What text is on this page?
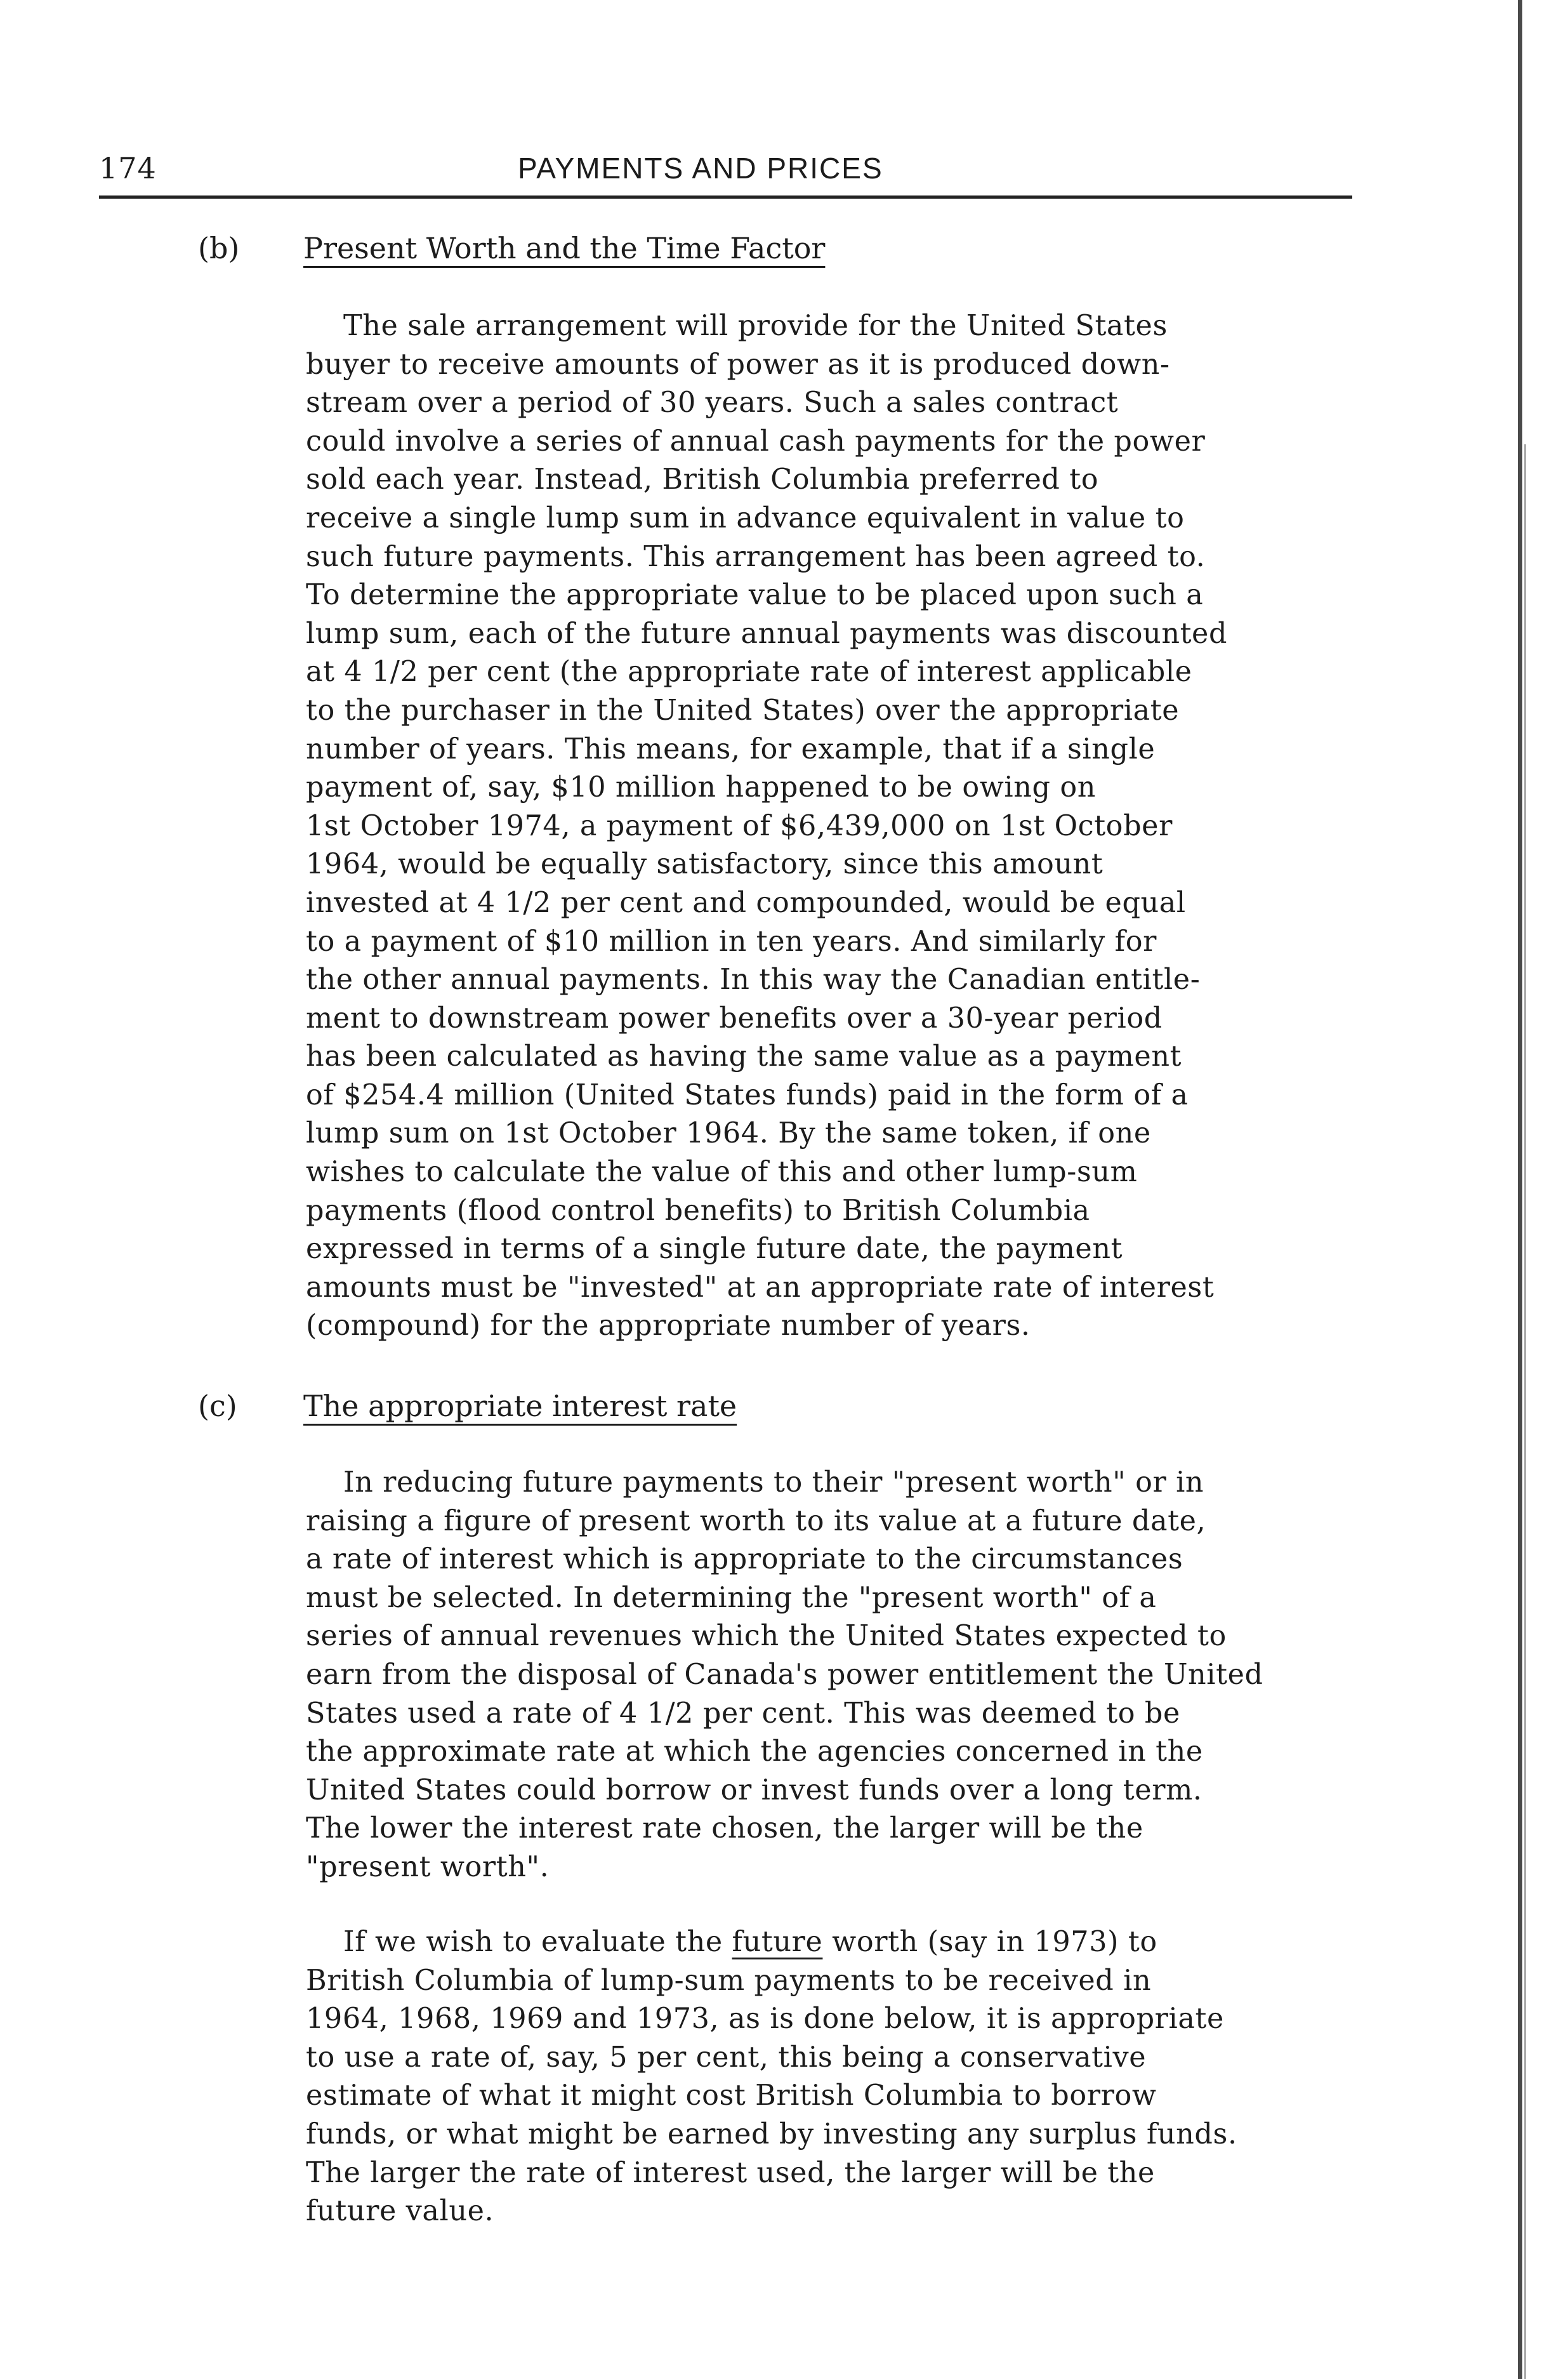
174	PAYMENTS AND PRICES
(b) Present Worth and the Time Factor
The sale arrangement will provide for the United States
buyer to receive amounts of power as it is produced down-
stream over a period of 30 years. Such a sales contract
could involve a series of annual cash payments for the power
sold each year. Instead, British Columbia preferred to
receive a single lump sum in advance equivalent in value to
such future payments. This arrangement has been agreed to.
To determine the appropriate value to be placed upon such a
lump sum, each of the future annual payments was discounted
at 4 1/2 per cent (the appropriate rate of interest applicable
to the purchaser in the United States) over the appropriate
number of years. This means, for example, that if a single
payment of, say, $10 million happened to be owing on
1st October 1974, a payment of $6,439,000 on 1st October
1964, would be equally satisfactory, since this amount
invested at 4 1/2 per cent and compounded, would be equal
to a payment of $10 million in ten years. And similarly for
the other annual payments. In this way the Canadian entitle-
ment to downstream power benefits over a 30-year period
has been calculated as having the same value as a payment
of $254.4 million (United States funds) paid in the form of a
lump sum on 1st October 1964. By the same token, if one
wishes to calculate the value of this and other lump-sum
payments (flood control benefits) to British Columbia
expressed in terms of a single future date, the payment
amounts must be "invested" at an appropriate rate of interest
(compound) for the appropriate number of years.
(c) The appropriate interest rate
In reducing future payments to their "present worth" or in
raising a figure of present worth to its value at a future date,
a rate of interest which is appropriate to the circumstances
must be selected. In determining the "present worth" of a
series of annual revenues which the United States expected to
earn from the disposal of Canada's power entitlement the United
States used a rate of 4 1/2 per cent. This was deemed to be
the approximate rate at which the agencies concerned in the
United States could borrow or invest funds over a long term.
The lower the interest rate chosen, the larger will be the
"present worth".
If we wish to evaluate the future worth (say in 1973) to
British Columbia of lump-sum payments to be received in
1964, 1968, 1969 and 1973, as is done below, it is appropriate
to use a rate of, say, 5 per cent, this being a conservative
estimate of what it might cost British Columbia to borrow
funds, or what might be earned by investing any surplus funds.
The larger the rate of interest used, the larger will be the
future value.
